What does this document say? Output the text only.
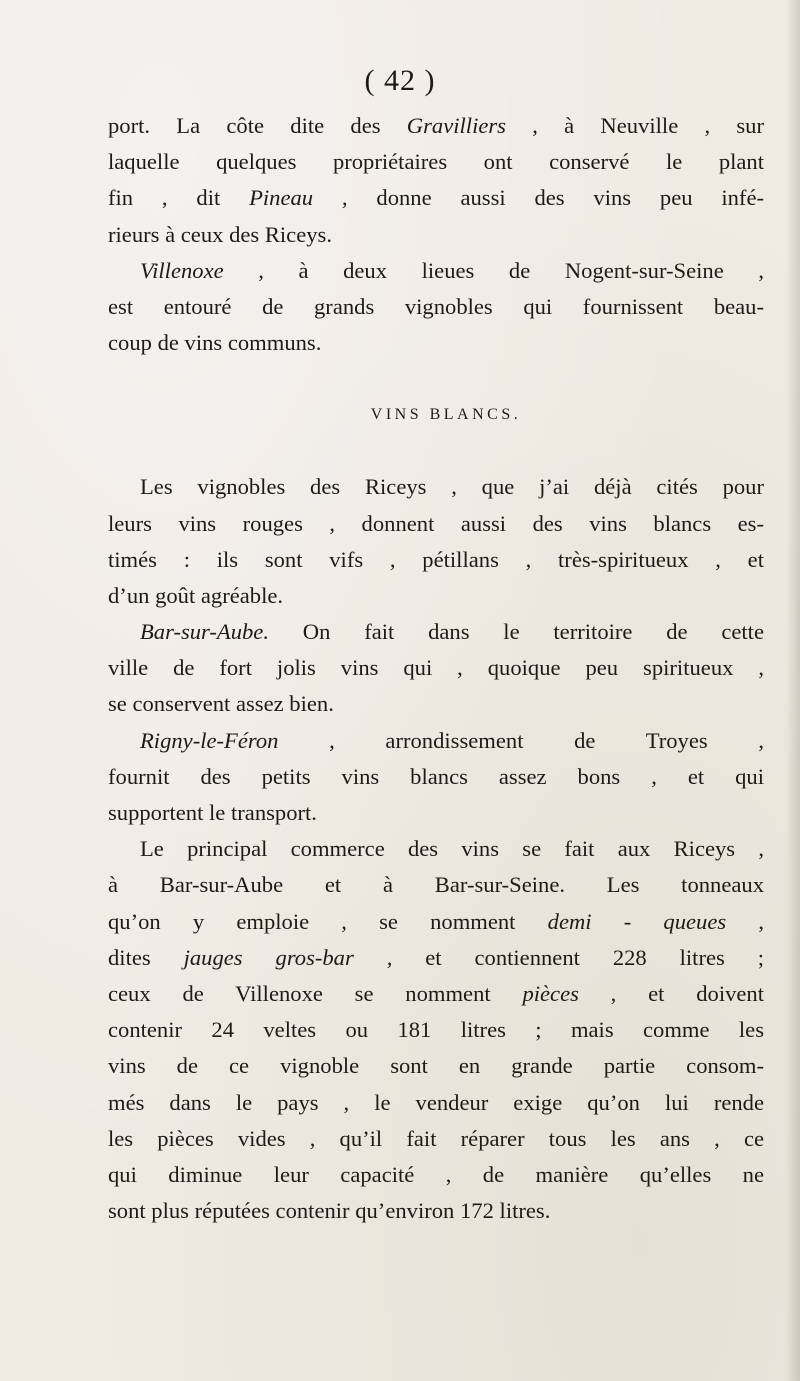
( 42 )
port. La côte dite des Gravilliers , à Neuville , sur
laquelle quelques propriétaires ont conservé le plant
fin , dit Pineau , donne aussi des vins peu infé-
rieurs à ceux des Riceys.
Villenoxe , à deux lieues de Nogent-sur-Seine ,
est entouré de grands vignobles qui fournissent beau-
coup de vins communs.
VINS BLANCS.
Les vignobles des Riceys , que j’ai déjà cités pour
leurs vins rouges , donnent aussi des vins blancs es-
timés : ils sont vifs , pétillans , très-spiritueux , et
d’un goût agréable.
Bar-sur-Aube. On fait dans le territoire de cette
ville de fort jolis vins qui , quoique peu spiritueux ,
se conservent assez bien.
Rigny-le-Féron , arrondissement de Troyes ,
fournit des petits vins blancs assez bons , et qui
supportent le transport.
Le principal commerce des vins se fait aux Riceys ,
à Bar-sur-Aube et à Bar-sur-Seine. Les tonneaux
qu’on y emploie , se nomment demi - queues ,
dites jauges gros-bar , et contiennent 228 litres ;
ceux de Villenoxe se nomment pièces , et doivent
contenir 24 veltes ou 181 litres ; mais comme les
vins de ce vignoble sont en grande partie consom-
més dans le pays , le vendeur exige qu’on lui rende
les pièces vides , qu’il fait réparer tous les ans , ce
qui diminue leur capacité , de manière qu’elles ne
sont plus réputées contenir qu’environ 172 litres.
